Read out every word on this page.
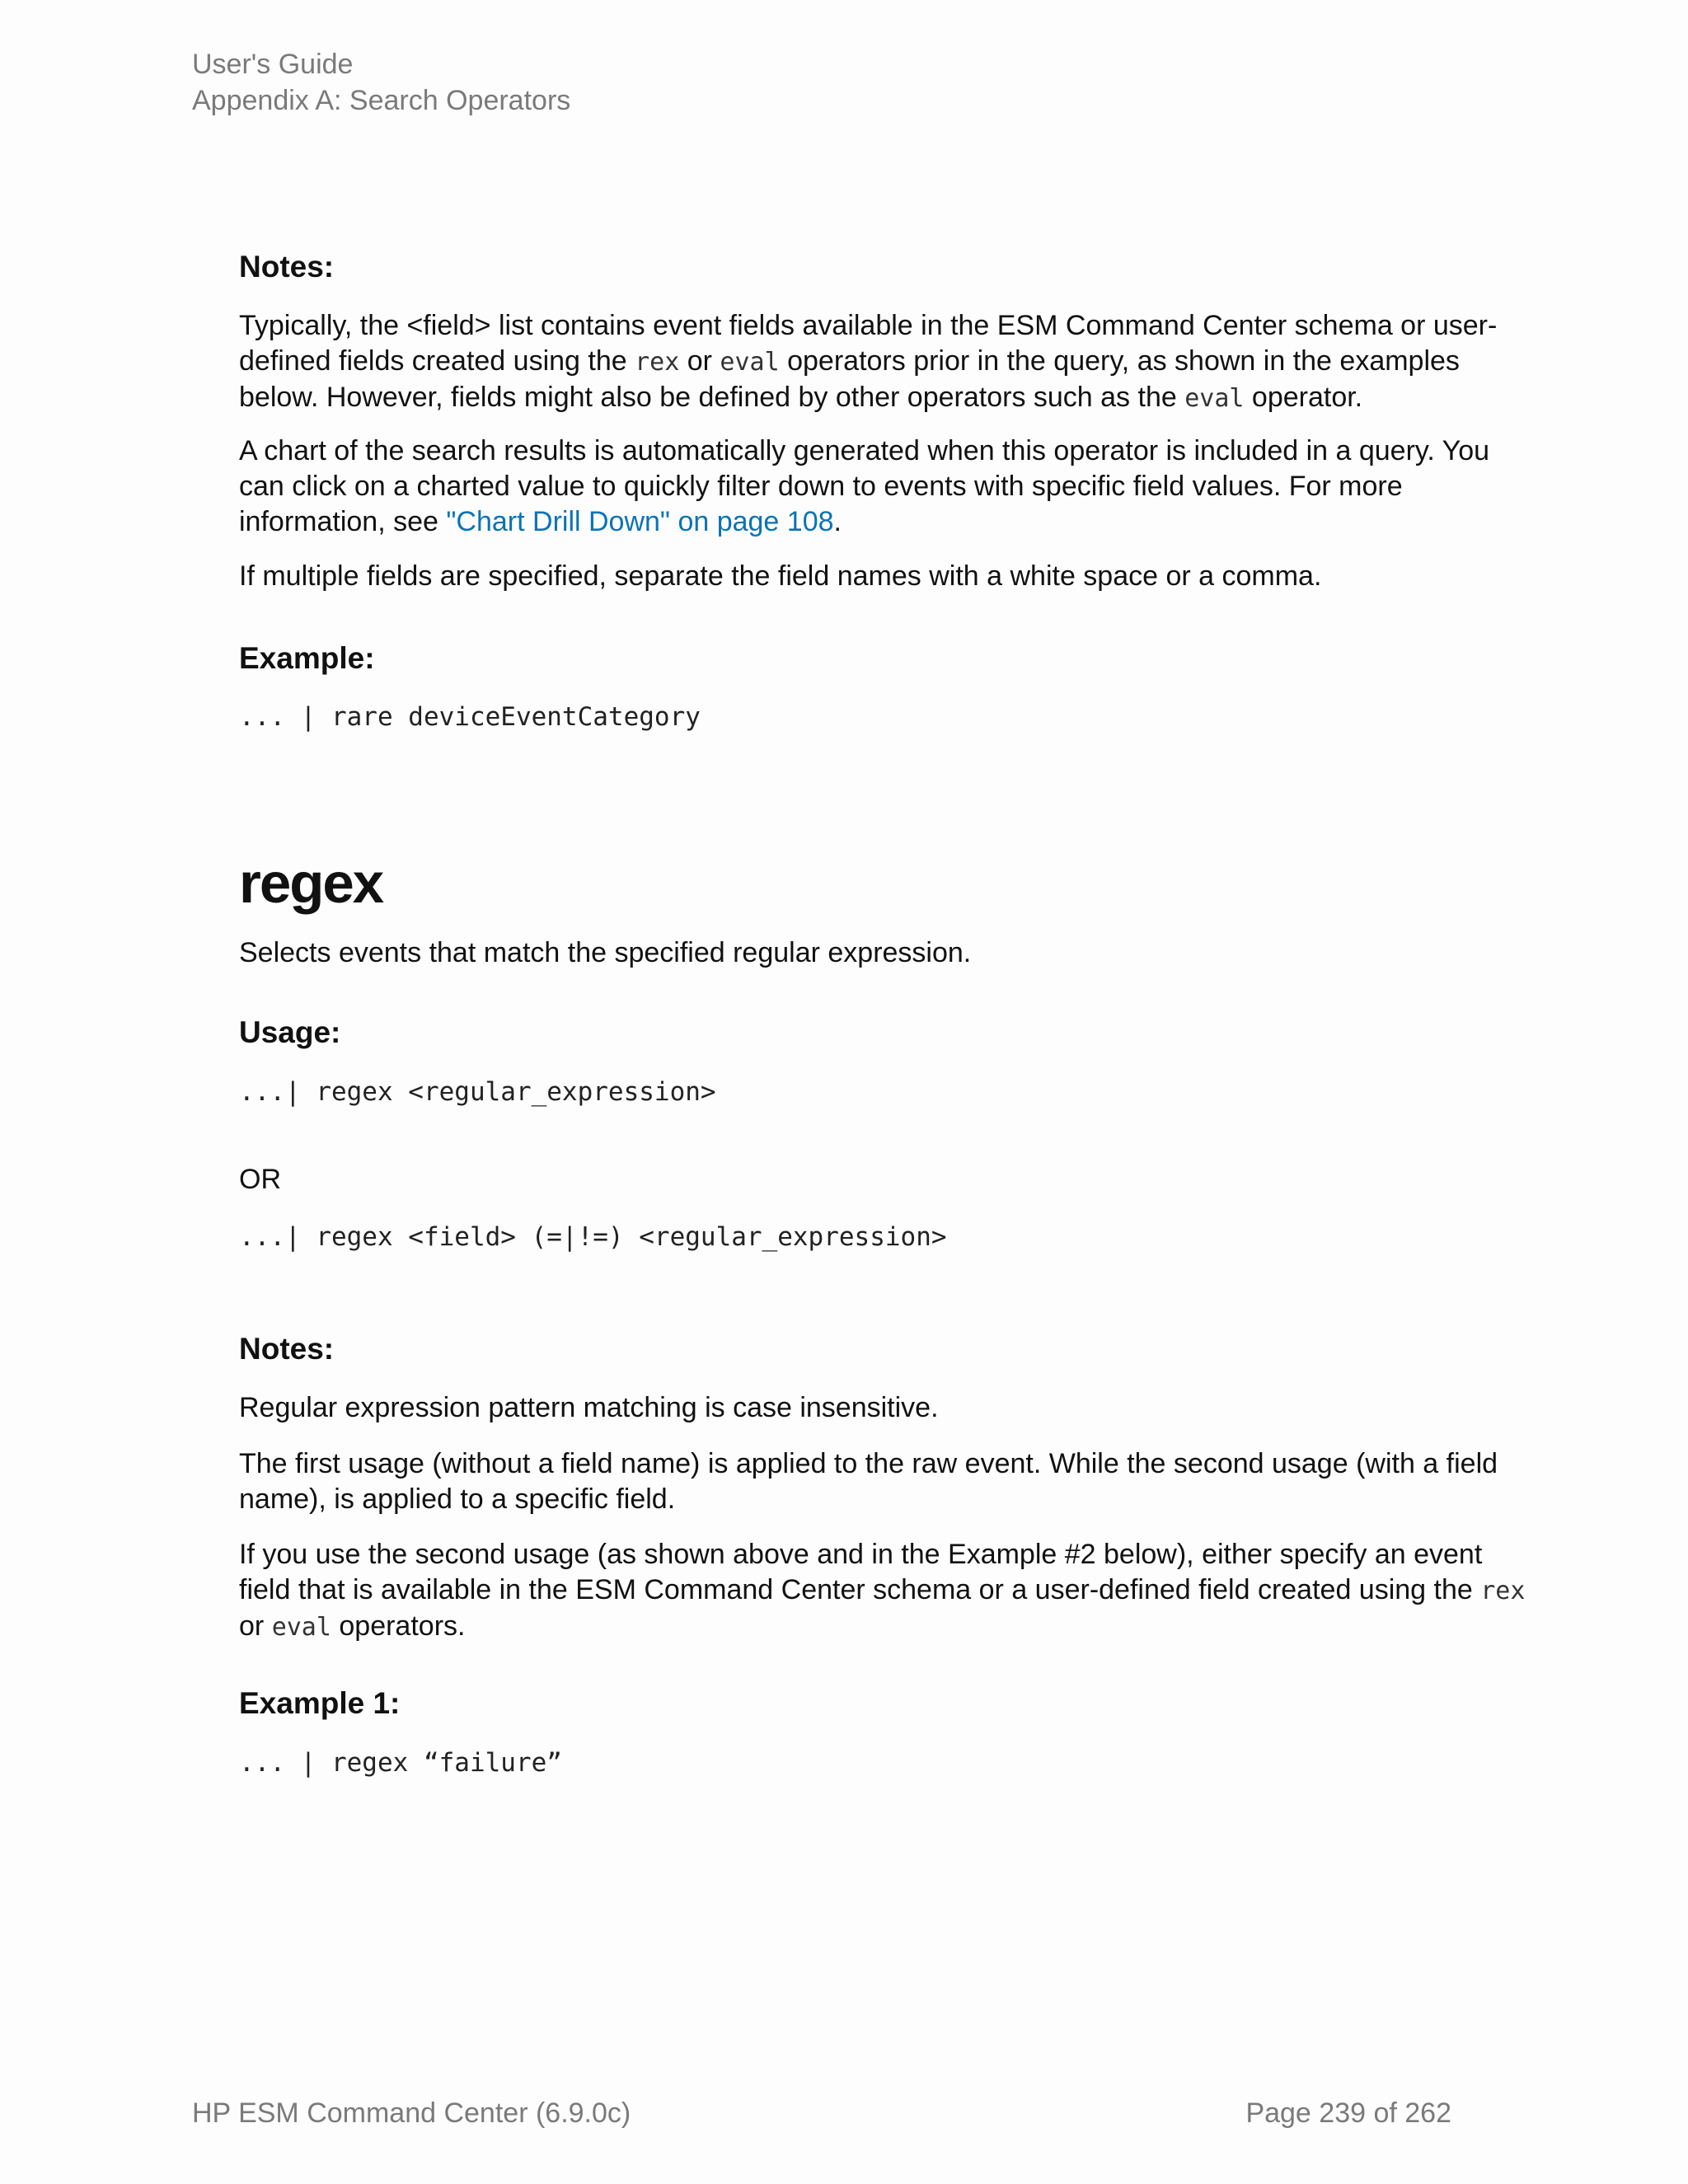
User's Guide
Appendix A: Search Operators
Notes:
Typically, the <field> list contains event fields available in the ESM Command Center schema or user-
defined fields created using the rex or eval operators prior in the query, as shown in the examples
below. However, fields might also be defined by other operators such as the eval operator.
A chart of the search results is automatically generated when this operator is included in a query. You
can click on a charted value to quickly filter down to events with specific field values. For more
information, see "Chart Drill Down" on page 108.
If multiple fields are specified, separate the field names with a white space or a comma.
Example:
... | rare deviceEventCategory
regex
Selects events that match the specified regular expression.
Usage:
...| regex <regular_expression>
OR
...| regex <field> (=|!=) <regular_expression>
Notes:
Regular expression pattern matching is case insensitive.
The first usage (without a field name) is applied to the raw event. While the second usage (with a field
name), is applied to a specific field.
If you use the second usage (as shown above and in the Example #2 below), either specify an event
field that is available in the ESM Command Center schema or a user-defined field created using the rex
or eval operators.
Example 1:
... | regex “failure”
HP ESM Command Center (6.9.0c)	Page 239 of 262
